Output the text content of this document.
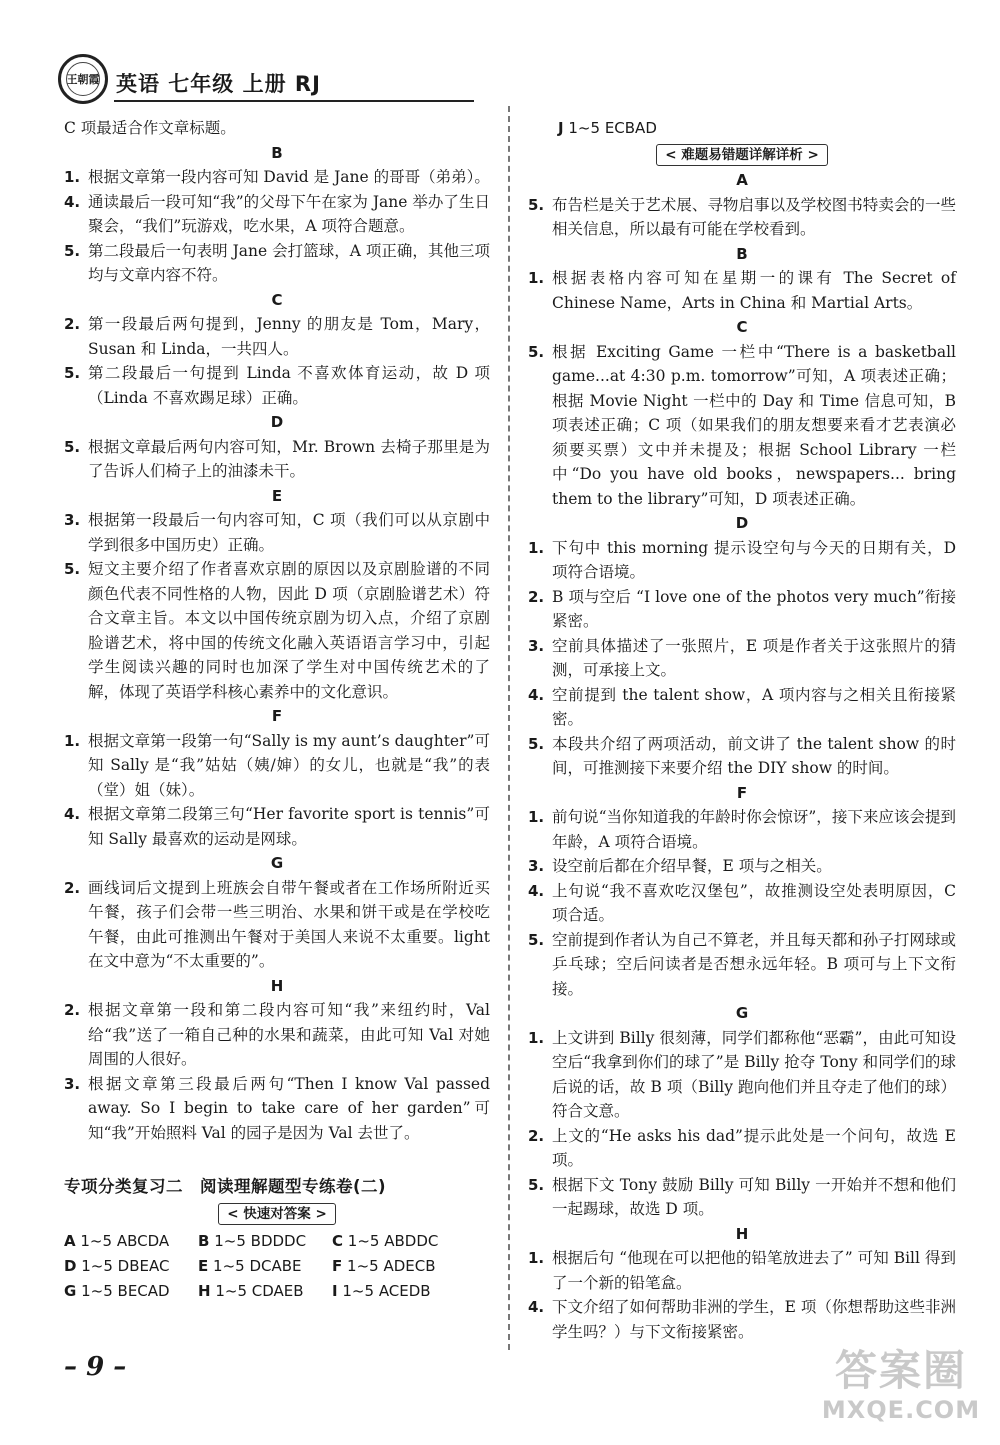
王朝霞 英语 七年级 上册 RJ

C 项最适合作文章标题。

B
1. 根据文章第一段内容可知 David 是 Jane 的哥哥（弟弟）。
4. 通读最后一段可知“我”的父母下午在家为 Jane 举办了生日聚会，“我们”玩游戏，吃水果，A 项符合题意。
5. 第二段最后一句表明 Jane 会打篮球，A 项正确，其他三项均与文章内容不符。
C
2. 第一段最后两句提到，Jenny 的朋友是 Tom，Mary，Susan 和 Linda，一共四人。
5. 第二段最后一句提到 Linda 不喜欢体育运动，故 D 项（Linda 不喜欢踢足球）正确。
D
5. 根据文章最后两句内容可知，Mr. Brown 去椅子那里是为了告诉人们椅子上的油漆未干。
E
3. 根据第一段最后一句内容可知，C 项（我们可以从京剧中学到很多中国历史）正确。
5. 短文主要介绍了作者喜欢京剧的原因以及京剧脸谱的不同颜色代表不同性格的人物，因此 D 项（京剧脸谱艺术）符合文章主旨。本文以中国传统京剧为切入点，介绍了京剧脸谱艺术，将中国的传统文化融入英语语言学习中，引起学生阅读兴趣的同时也加深了学生对中国传统艺术的了解，体现了英语学科核心素养中的文化意识。
F
1. 根据文章第一段第一句“Sally is my aunt’s daughter”可知 Sally 是“我”姑姑（姨/婶）的女儿，也就是“我”的表（堂）姐（妹）。
4. 根据文章第二段第三句“Her favorite sport is tennis”可知 Sally 最喜欢的运动是网球。
G
2. 画线词后文提到上班族会自带午餐或者在工作场所附近买午餐，孩子们会带一些三明治、水果和饼干或是在学校吃午餐，由此可推测出午餐对于美国人来说不太重要。light 在文中意为“不太重要的”。
H
2. 根据文章第一段和第二段内容可知“我”来纽约时，Val 给“我”送了一箱自己种的水果和蔬菜，由此可知 Val 对她周围的人很好。
3. 根据文章第三段最后两句“Then I know Val passed away. So I begin to take care of her garden”可知“我”开始照料 Val 的园子是因为 Val 去世了。
专项分类复习二　阅读理解题型专练卷(二)
< 快速对答案 >
A 1~5 ABCDA	B 1~5 BDDDC	C 1~5 ABDDC
D 1~5 DBEAC	E 1~5 DCABE	F 1~5 ADECB
G 1~5 BECAD	H 1~5 CDAEB	I 1~5 ACEDB
J 1~5 ECBAD
< 难题易错题详解详析 >
A
5. 布告栏是关于艺术展、寻物启事以及学校图书特卖会的一些相关信息，所以最有可能在学校看到。
B
1. 根据表格内容可知在星期一的课有 The Secret of Chinese Name，Arts in China 和 Martial Arts。
C
5. 根据 Exciting Game 一栏中“There is a basketball game...at 4:30 p.m. tomorrow”可知，A 项表述正确；根据 Movie Night 一栏中的 Day 和 Time 信息可知，B 项表述正确；C 项（如果我们的朋友想要来看才艺表演必须要买票）文中并未提及；根据 School Library 一栏中“Do you have old books，newspapers... bring them to the library”可知，D 项表述正确。
D
1. 下句中 this morning 提示设空句与今天的日期有关，D 项符合语境。
2. B 项与空后 “I love one of the photos very much”衔接紧密。
3. 空前具体描述了一张照片，E 项是作者关于这张照片的猜测，可承接上文。
4. 空前提到 the talent show，A 项内容与之相关且衔接紧密。
5. 本段共介绍了两项活动，前文讲了 the talent show 的时间，可推测接下来要介绍 the DIY show 的时间。
F
1. 前句说“当你知道我的年龄时你会惊讶”，接下来应该会提到年龄，A 项符合语境。
3. 设空前后都在介绍早餐，E 项与之相关。
4. 上句说“我不喜欢吃汉堡包”，故推测设空处表明原因，C 项合适。
5. 空前提到作者认为自己不算老，并且每天都和孙子打网球或乒乓球；空后问读者是否想永远年轻。B 项可与上下文衔接。
G
1. 上文讲到 Billy 很刻薄，同学们都称他“恶霸”，由此可知设空后“我拿到你们的球了”是 Billy 抢夺 Tony 和同学们的球后说的话，故 B 项（Billy 跑向他们并且夺走了他们的球）符合文意。
2. 上文的“He asks his dad”提示此处是一个问句，故选 E 项。
5. 根据下文 Tony 鼓励 Billy 可知 Billy 一开始并不想和他们一起踢球，故选 D 项。
H
1. 根据后句 “他现在可以把他的铅笔放进去了” 可知 Bill 得到了一个新的铅笔盒。
4. 下文介绍了如何帮助非洲的学生，E 项（你想帮助这些非洲学生吗？）与下文衔接紧密。
– 9 –	答案圈
MXQE.COM
